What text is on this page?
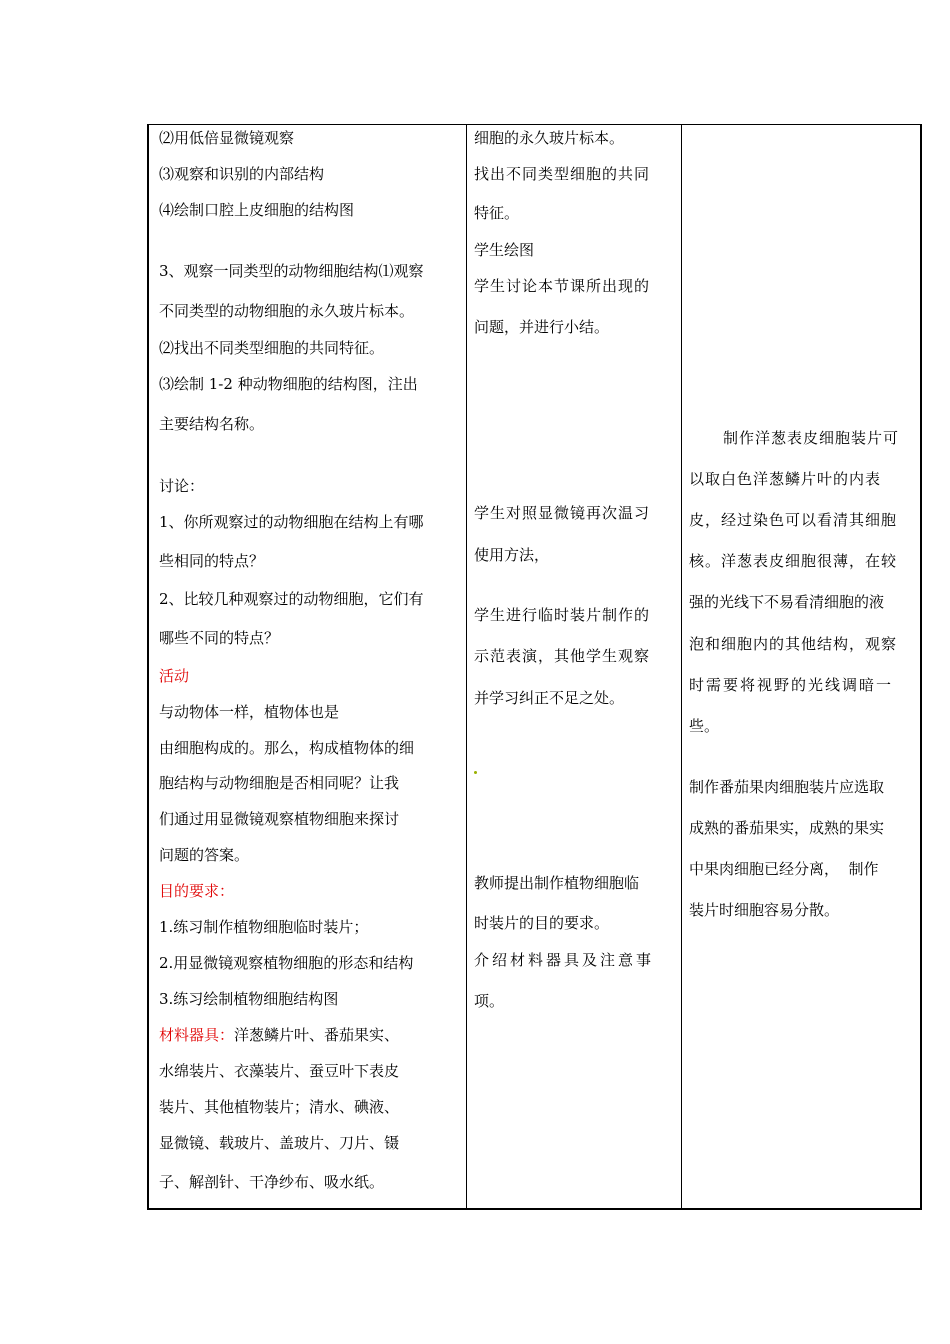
⑵用低倍显微镜观察
⑶观察和识别的内部结构
⑷绘制口腔上皮细胞的结构图
3、观察一同类型的动物细胞结构⑴观察
不同类型的动物细胞的永久玻片标本。
⑵找出不同类型细胞的共同特征。
⑶绘制 1-2 种动物细胞的结构图，注出
主要结构名称。
讨论：
1、你所观察过的动物细胞在结构上有哪
些相同的特点？
2、比较几种观察过的动物细胞，它们有
哪些不同的特点？
活动
与动物体一样，植物体也是
由细胞构成的。那么，构成植物体的细
胞结构与动物细胞是否相同呢？让我
们通过用显微镜观察植物细胞来探讨
问题的答案。
目的要求：
1.练习制作植物细胞临时装片；
2.用显微镜观察植物细胞的形态和结构
3.练习绘制植物细胞结构图
材料器具：洋葱鳞片叶、番茄果实、
水绵装片、衣藻装片、蚕豆叶下表皮
装片、其他植物装片；清水、碘液、
显微镜、载玻片、盖玻片、刀片、镊
子、解剖针、干净纱布、吸水纸。
细胞的永久玻片标本。
找出不同类型细胞的共同
特征。
学生绘图
学生讨论本节课所出现的
问题，并进行小结。
学生对照显微镜再次温习
使用方法，
学生进行临时装片制作的
示范表演，其他学生观察
并学习纠正不足之处。
教师提出制作植物细胞临
时装片的目的要求。
介绍材料器具及注意事
项。
制作洋葱表皮细胞装片可
以取白色洋葱鳞片叶的内表
皮，经过染色可以看清其细胞
核。洋葱表皮细胞很薄，在较
强的光线下不易看清细胞的液
泡和细胞内的其他结构，观察
时需要将视野的光线调暗一
些。
制作番茄果肉细胞装片应选取
成熟的番茄果实，成熟的果实
中果肉细胞已经分离，  制作
装片时细胞容易分散。
